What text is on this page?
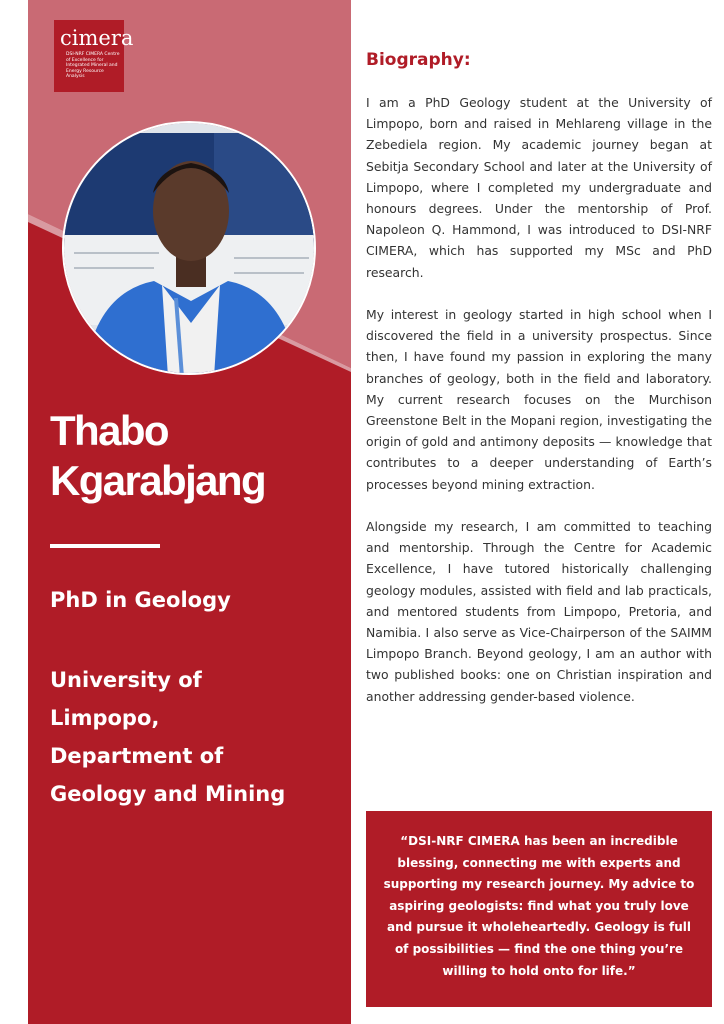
cimera
DSI-NRF CIMERA Centre of Excellence for Integrated Mineral and Energy Resource Analysis
Thabo
Kgarabjang
PhD in Geology
University of
Limpopo,
Department of
Geology and Mining
Biography:

I am a PhD Geology student at the University of Limpopo, born and raised in Mehlareng village in the Zebediela region. My academic journey began at Sebitja Secondary School and later at the University of Limpopo, where I completed my undergraduate and honours degrees. Under the mentorship of Prof. Napoleon Q. Hammond, I was introduced to DSI-NRF CIMERA, which has supported my MSc and PhD research.

My interest in geology started in high school when I discovered the field in a university prospectus. Since then, I have found my passion in exploring the many branches of geology, both in the field and laboratory. My current research focuses on the Murchison Greenstone Belt in the Mopani region, investigating the origin of gold and antimony deposits — knowledge that contributes to a deeper understanding of Earth’s processes beyond mining extraction.

Alongside my research, I am committed to teaching and mentorship. Through the Centre for Academic Excellence, I have tutored historically challenging geology modules, assisted with field and lab practicals, and mentored students from Limpopo, Pretoria, and Namibia. I also serve as Vice-Chairperson of the SAIMM Limpopo Branch. Beyond geology, I am an author with two published books: one on Christian inspiration and another addressing gender-based violence.

“DSI-NRF CIMERA has been an incredible blessing, connecting me with experts and supporting my research journey. My advice to aspiring geologists: find what you truly love and pursue it wholeheartedly. Geology is full of possibilities — find the one thing you’re willing to hold onto for life.”
